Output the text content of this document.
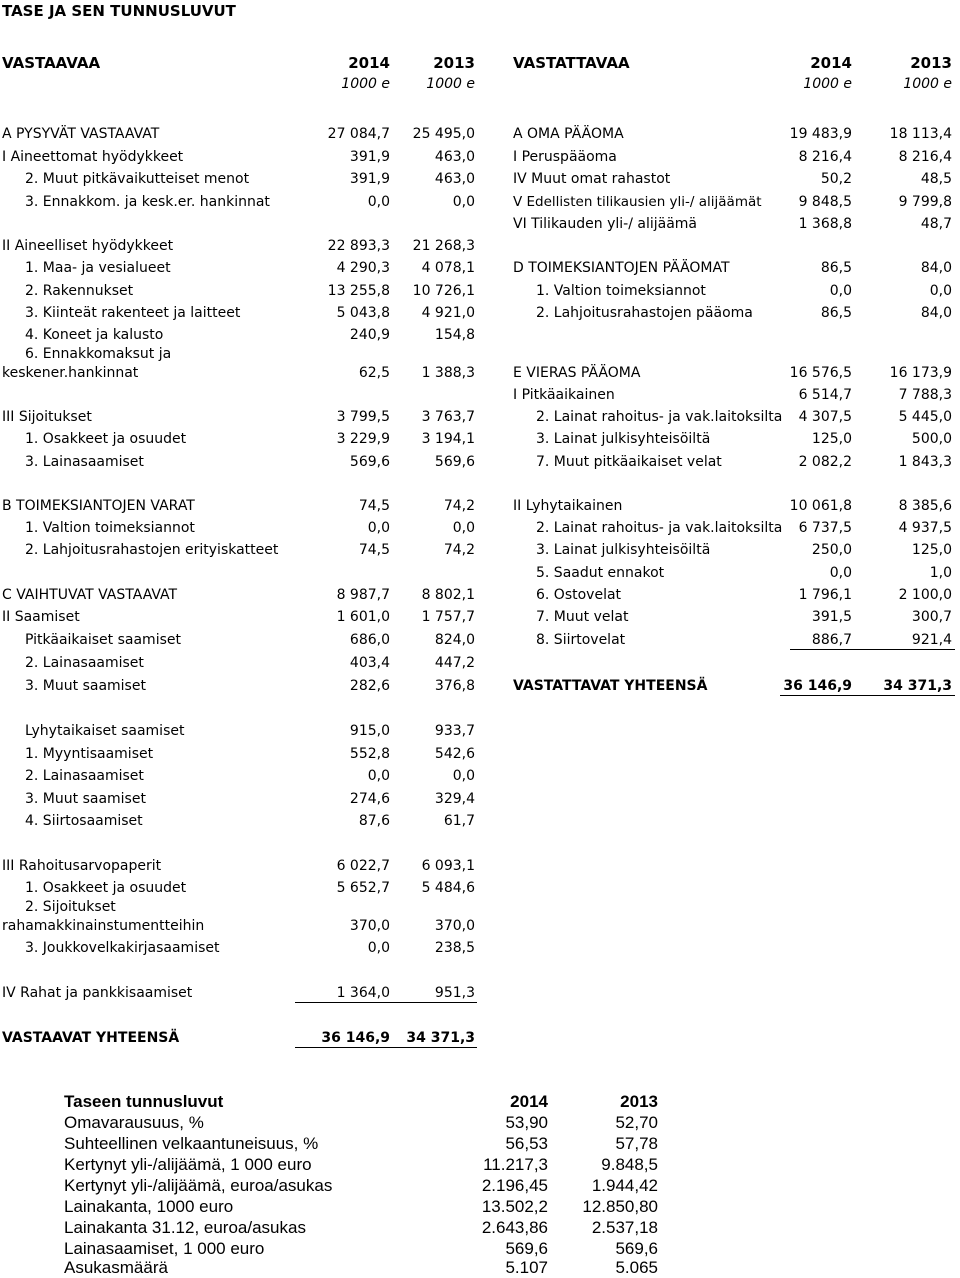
TASE JA SEN TUNNUSLUVUT
VASTAAVAA	2014	2013
1000 e	1000 e
VASTATTAVAA	2014	2013
1000 e	1000 e
A PYSYVÄT VASTAAVAT	27 084,7	25 495,0
I Aineettomat hyödykkeet	391,9	463,0
2. Muut pitkävaikutteiset menot	391,9	463,0
3. Ennakkom. ja kesk.er. hankinnat	0,0	0,0
II Aineelliset hyödykkeet	22 893,3	21 268,3
1. Maa- ja vesialueet	4 290,3	4 078,1
2. Rakennukset	13 255,8	10 726,1
3. Kiinteät rakenteet ja laitteet	5 043,8	4 921,0
4. Koneet ja kalusto	240,9	154,8
6. Ennakkomaksut ja
keskener.hankinnat	62,5	1 388,3
III Sijoitukset	3 799,5	3 763,7
1. Osakkeet ja osuudet	3 229,9	3 194,1
3. Lainasaamiset	569,6	569,6
B TOIMEKSIANTOJEN VARAT	74,5	74,2
1. Valtion toimeksiannot	0,0	0,0
2. Lahjoitusrahastojen erityiskatteet	74,5	74,2
C VAIHTUVAT VASTAAVAT	8 987,7	8 802,1
II Saamiset	1 601,0	1 757,7
Pitkäaikaiset saamiset	686,0	824,0
2. Lainasaamiset	403,4	447,2
3. Muut saamiset	282,6	376,8
Lyhytaikaiset saamiset	915,0	933,7
1. Myyntisaamiset	552,8	542,6
2. Lainasaamiset	0,0	0,0
3. Muut saamiset	274,6	329,4
4. Siirtosaamiset	87,6	61,7
III Rahoitusarvopaperit	6 022,7	6 093,1
1. Osakkeet ja osuudet	5 652,7	5 484,6
2. Sijoitukset
rahamakkinainstumentteihin	370,0	370,0
3. Joukkovelkakirjasaamiset	0,0	238,5
IV Rahat ja pankkisaamiset	1 364,0	951,3
VASTAAVAT YHTEENSÄ	36 146,9	34 371,3
A OMA PÄÄOMA	19 483,9	18 113,4
I Peruspääoma	8 216,4	8 216,4
IV Muut omat rahastot	50,2	48,5
V Edellisten tilikausien yli-/ alijäämät	9 848,5	9 799,8
VI Tilikauden yli-/ alijäämä	1 368,8	48,7
D TOIMEKSIANTOJEN PÄÄOMAT	86,5	84,0
1. Valtion toimeksiannot	0,0	0,0
2. Lahjoitusrahastojen pääoma	86,5	84,0
E VIERAS PÄÄOMA	16 576,5	16 173,9
I Pitkäaikainen	6 514,7	7 788,3
2. Lainat rahoitus- ja vak.laitoksilta	4 307,5	5 445,0
3. Lainat julkisyhteisöiltä	125,0	500,0
7. Muut pitkäaikaiset velat	2 082,2	1 843,3
II Lyhytaikainen	10 061,8	8 385,6
2. Lainat rahoitus- ja vak.laitoksilta	6 737,5	4 937,5
3. Lainat julkisyhteisöiltä	250,0	125,0
5. Saadut ennakot	0,0	1,0
6. Ostovelat	1 796,1	2 100,0
7. Muut velat	391,5	300,7
8. Siirtovelat	886,7	921,4
VASTATTAVAT YHTEENSÄ	36 146,9	34 371,3
Taseen tunnusluvut	2014	2013
Omavarausuus, %	53,90	52,70
Suhteellinen velkaantuneisuus, %	56,53	57,78
Kertynyt yli-/alijäämä, 1 000 euro	11.217,3	9.848,5
Kertynyt yli-/alijäämä, euroa/asukas	2.196,45	1.944,42
Lainakanta, 1000 euro	13.502,2	12.850,80
Lainakanta 31.12, euroa/asukas	2.643,86	2.537,18
Lainasaamiset, 1 000 euro	569,6	569,6
Asukasmäärä	5.107	5.065
